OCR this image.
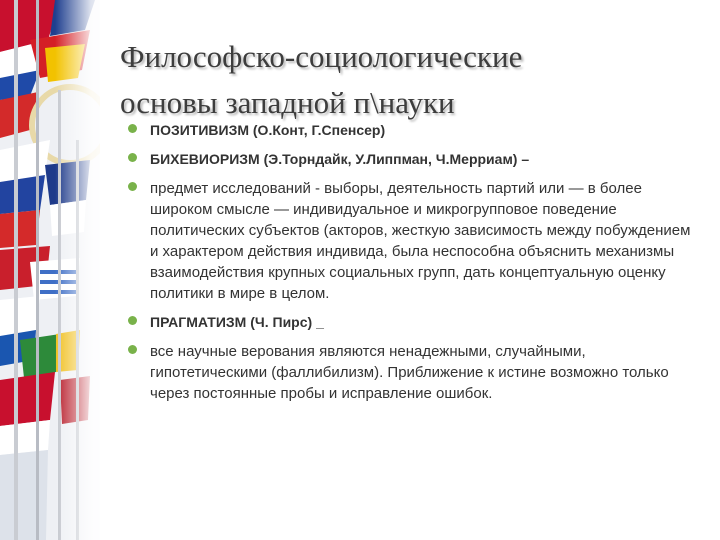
Философско-социологические
основы западной п\науки
ПОЗИТИВИЗМ (О.Конт, Г.Спенсер)
БИХЕВИОРИЗМ (Э.Торндайк, У.Липпман, Ч.Мерриам) –
предмет исследований - выборы, деятельность партий или — в более широком смысле — индивидуальное и микрогрупповое поведение политических субъектов (акторов, жесткую зависимость между побуждением и характером действия индивида, была неспособна объяснить механизмы взаимодействия крупных социальных групп, дать концептуальную оценку политики в мире в целом.
ПРАГМАТИЗМ (Ч. Пирс) _
все научные верования являются ненадежными, случайными, гипотетическими (фаллибилизм). Приближение к истине возможно только через постоянные пробы и исправление ошибок.
